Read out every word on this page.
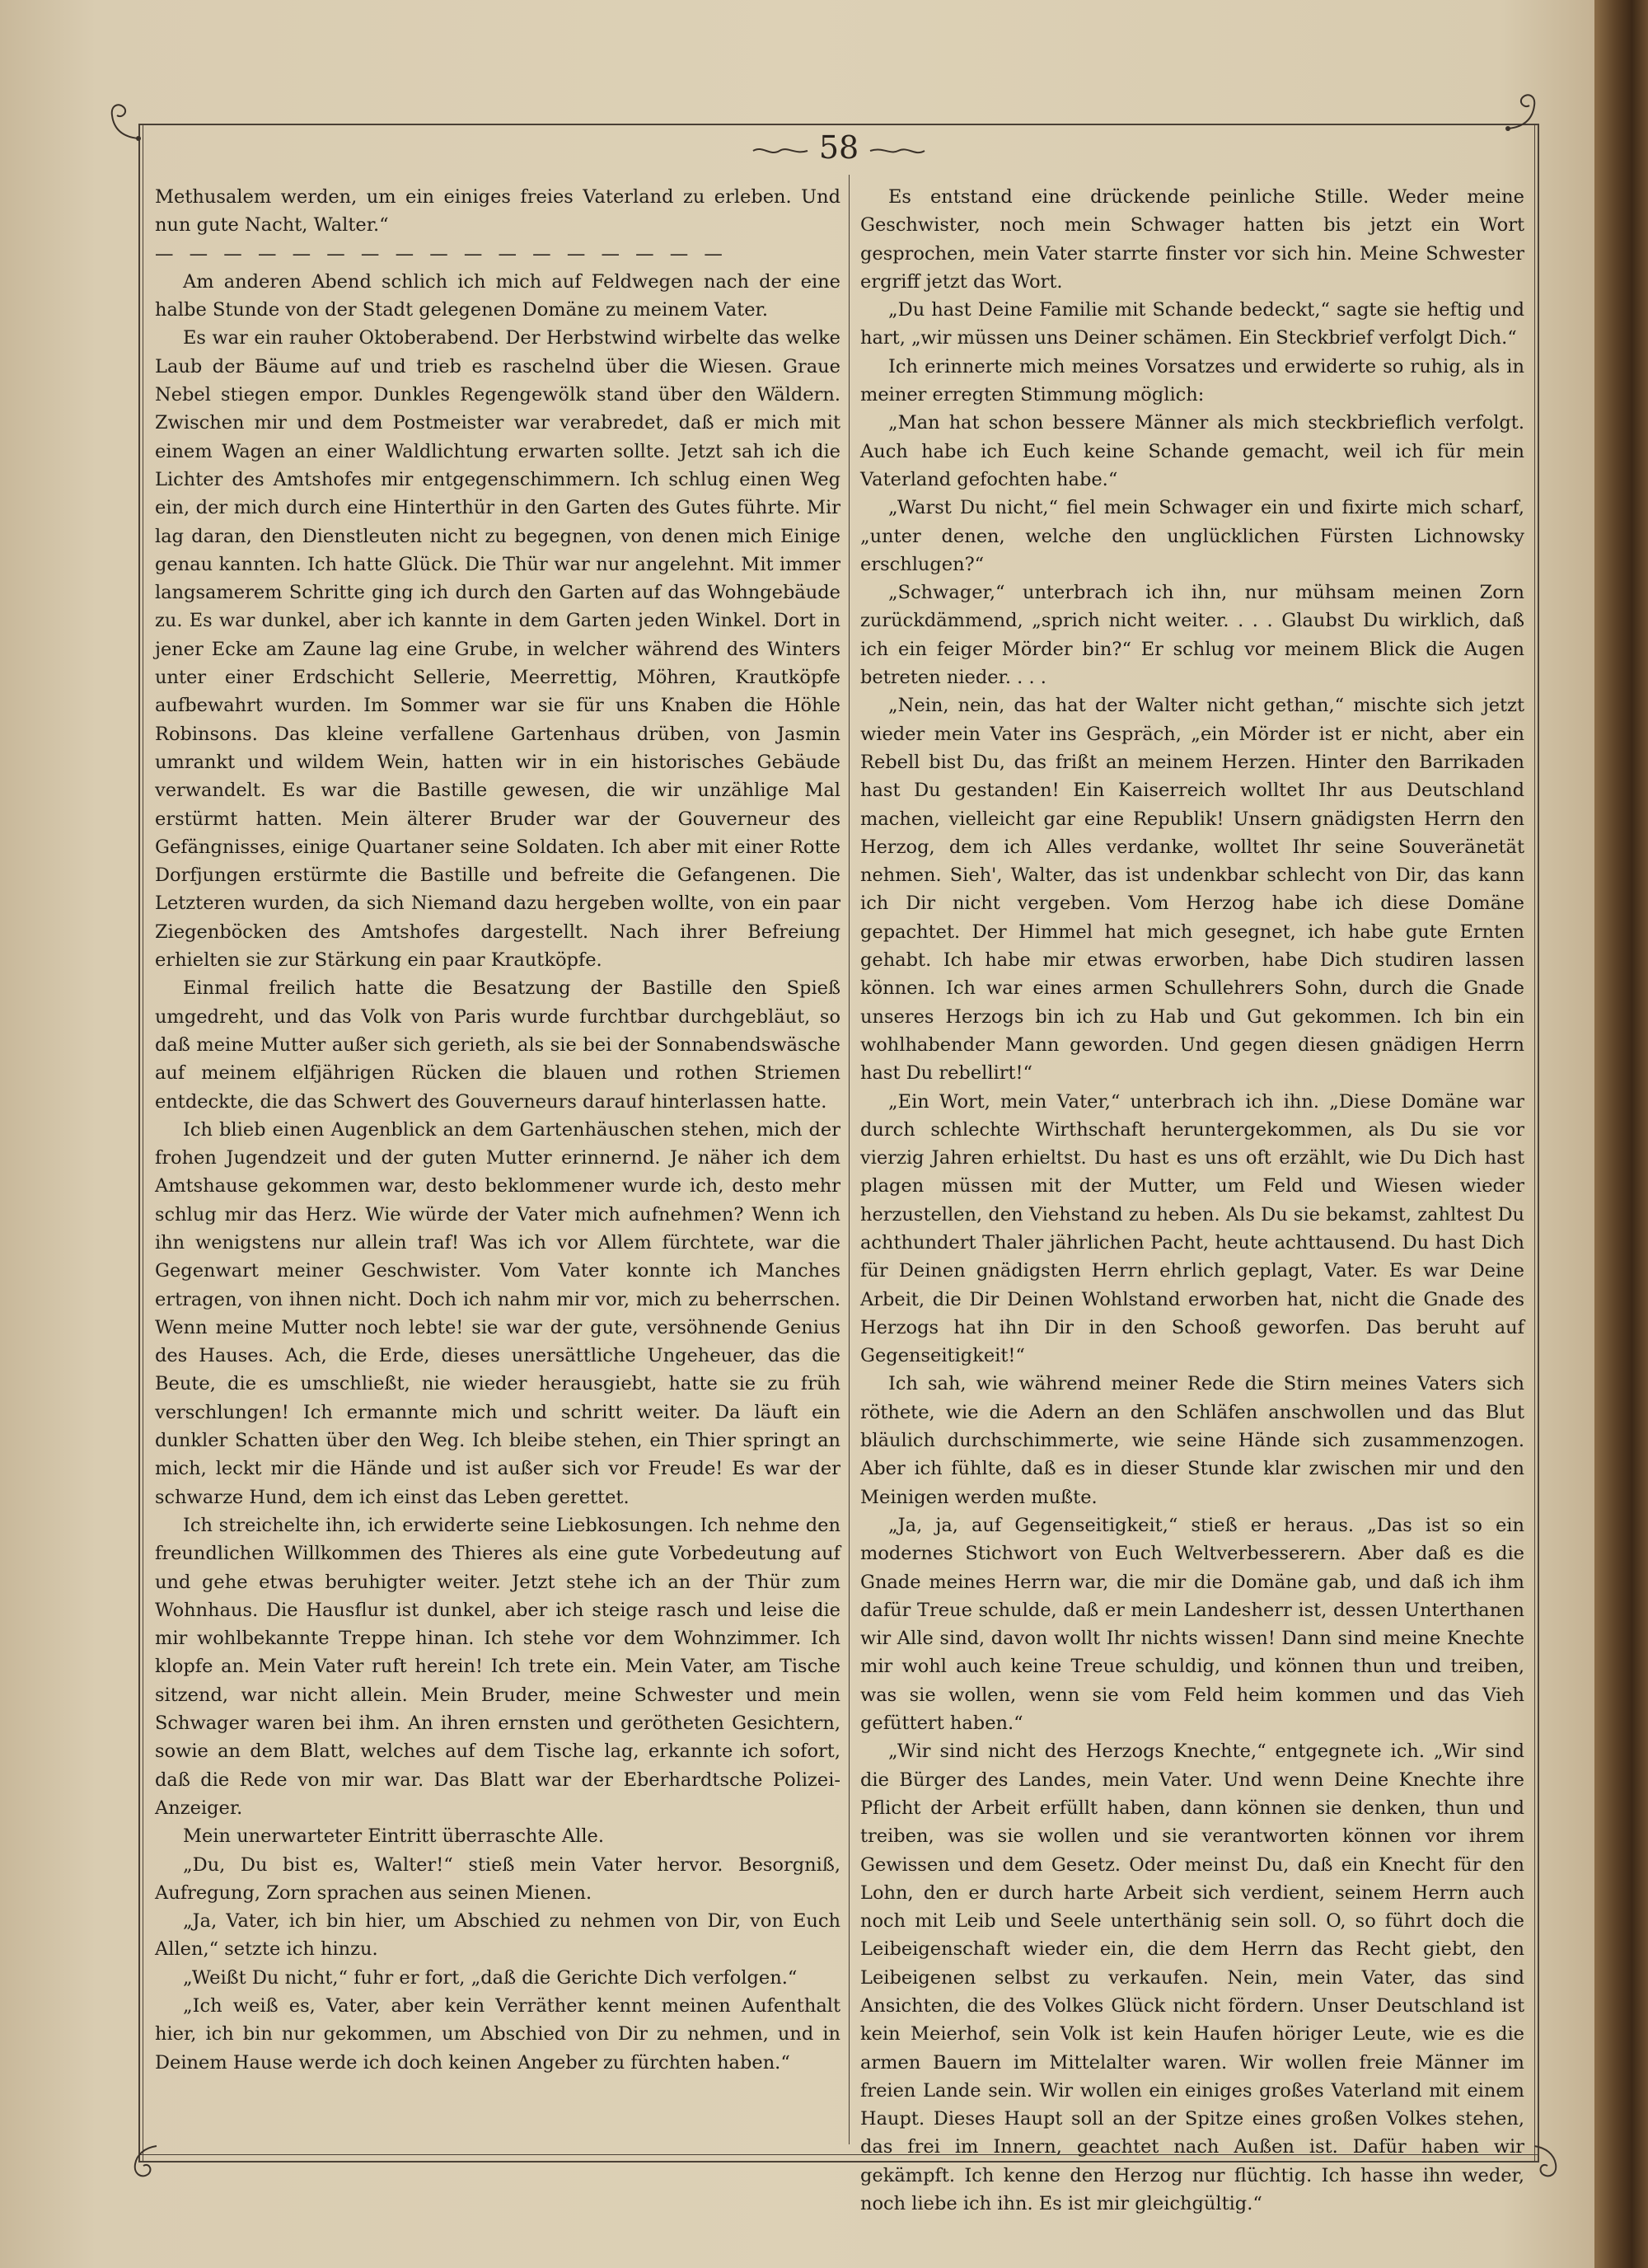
58

Methusalem werden, um ein einiges freies Vaterland zu erleben. Und nun gute Nacht, Walter.“

— — — — — — — — — — — — — — — — —

Am anderen Abend schlich ich mich auf Feldwegen nach der eine halbe Stunde von der Stadt gelegenen Domäne zu meinem Vater.

Es war ein rauher Oktoberabend. Der Herbstwind wirbelte das welke Laub der Bäume auf und trieb es raschelnd über die Wiesen. Graue Nebel stiegen empor. Dunkles Regengewölk stand über den Wäldern. Zwischen mir und dem Postmeister war verabredet, daß er mich mit einem Wagen an einer Waldlichtung erwarten sollte. Jetzt sah ich die Lichter des Amtshofes mir entgegenschimmern. Ich schlug einen Weg ein, der mich durch eine Hinterthür in den Garten des Gutes führte. Mir lag daran, den Dienstleuten nicht zu begegnen, von denen mich Einige genau kannten. Ich hatte Glück. Die Thür war nur angelehnt. Mit immer langsamerem Schritte ging ich durch den Garten auf das Wohngebäude zu. Es war dunkel, aber ich kannte in dem Garten jeden Winkel. Dort in jener Ecke am Zaune lag eine Grube, in welcher während des Winters unter einer Erdschicht Sellerie, Meerrettig, Möhren, Krautköpfe aufbewahrt wurden. Im Sommer war sie für uns Knaben die Höhle Robinsons. Das kleine verfallene Gartenhaus drüben, von Jasmin umrankt und wildem Wein, hatten wir in ein historisches Gebäude verwandelt. Es war die Bastille gewesen, die wir unzählige Mal erstürmt hatten. Mein älterer Bruder war der Gouverneur des Gefängnisses, einige Quartaner seine Soldaten. Ich aber mit einer Rotte Dorfjungen erstürmte die Bastille und befreite die Gefangenen. Die Letzteren wurden, da sich Niemand dazu hergeben wollte, von ein paar Ziegenböcken des Amtshofes dargestellt. Nach ihrer Befreiung erhielten sie zur Stärkung ein paar Krautköpfe.

Einmal freilich hatte die Besatzung der Bastille den Spieß umgedreht, und das Volk von Paris wurde furchtbar durchgebläut, so daß meine Mutter außer sich gerieth, als sie bei der Sonnabendswäsche auf meinem elfjährigen Rücken die blauen und rothen Striemen entdeckte, die das Schwert des Gouverneurs darauf hinterlassen hatte.

Ich blieb einen Augenblick an dem Gartenhäuschen stehen, mich der frohen Jugendzeit und der guten Mutter erinnernd. Je näher ich dem Amtshause gekommen war, desto beklommener wurde ich, desto mehr schlug mir das Herz. Wie würde der Vater mich aufnehmen? Wenn ich ihn wenigstens nur allein traf! Was ich vor Allem fürchtete, war die Gegenwart meiner Geschwister. Vom Vater konnte ich Manches ertragen, von ihnen nicht. Doch ich nahm mir vor, mich zu beherrschen. Wenn meine Mutter noch lebte! sie war der gute, versöhnende Genius des Hauses. Ach, die Erde, dieses unersättliche Ungeheuer, das die Beute, die es umschließt, nie wieder herausgiebt, hatte sie zu früh verschlungen! Ich ermannte mich und schritt weiter. Da läuft ein dunkler Schatten über den Weg. Ich bleibe stehen, ein Thier springt an mich, leckt mir die Hände und ist außer sich vor Freude! Es war der schwarze Hund, dem ich einst das Leben gerettet.

Ich streichelte ihn, ich erwiderte seine Liebkosungen. Ich nehme den freundlichen Willkommen des Thieres als eine gute Vorbedeutung auf und gehe etwas beruhigter weiter. Jetzt stehe ich an der Thür zum Wohnhaus. Die Hausflur ist dunkel, aber ich steige rasch und leise die mir wohlbekannte Treppe hinan. Ich stehe vor dem Wohnzimmer. Ich klopfe an. Mein Vater ruft herein! Ich trete ein. Mein Vater, am Tische sitzend, war nicht allein. Mein Bruder, meine Schwester und mein Schwager waren bei ihm. An ihren ernsten und gerötheten Gesichtern, sowie an dem Blatt, welches auf dem Tische lag, erkannte ich sofort, daß die Rede von mir war. Das Blatt war der Eberhardtsche Polizei-Anzeiger.

Mein unerwarteter Eintritt überraschte Alle.

„Du, Du bist es, Walter!“ stieß mein Vater hervor. Besorgniß, Aufregung, Zorn sprachen aus seinen Mienen.

„Ja, Vater, ich bin hier, um Abschied zu nehmen von Dir, von Euch Allen,“ setzte ich hinzu.

„Weißt Du nicht,“ fuhr er fort, „daß die Gerichte Dich verfolgen.“

„Ich weiß es, Vater, aber kein Verräther kennt meinen Aufenthalt hier, ich bin nur gekommen, um Abschied von Dir zu nehmen, und in Deinem Hause werde ich doch keinen Angeber zu fürchten haben.“

Es entstand eine drückende peinliche Stille. Weder meine Geschwister, noch mein Schwager hatten bis jetzt ein Wort gesprochen, mein Vater starrte finster vor sich hin. Meine Schwester ergriff jetzt das Wort.

„Du hast Deine Familie mit Schande bedeckt,“ sagte sie heftig und hart, „wir müssen uns Deiner schämen. Ein Steckbrief verfolgt Dich.“

Ich erinnerte mich meines Vorsatzes und erwiderte so ruhig, als in meiner erregten Stimmung möglich:

„Man hat schon bessere Männer als mich steckbrieflich verfolgt. Auch habe ich Euch keine Schande gemacht, weil ich für mein Vaterland gefochten habe.“

„Warst Du nicht,“ fiel mein Schwager ein und fixirte mich scharf, „unter denen, welche den unglücklichen Fürsten Lichnowsky erschlugen?“

„Schwager,“ unterbrach ich ihn, nur mühsam meinen Zorn zurückdämmend, „sprich nicht weiter. . . . Glaubst Du wirklich, daß ich ein feiger Mörder bin?“ Er schlug vor meinem Blick die Augen betreten nieder. . . .

„Nein, nein, das hat der Walter nicht gethan,“ mischte sich jetzt wieder mein Vater ins Gespräch, „ein Mörder ist er nicht, aber ein Rebell bist Du, das frißt an meinem Herzen. Hinter den Barrikaden hast Du gestanden! Ein Kaiserreich wolltet Ihr aus Deutschland machen, vielleicht gar eine Republik! Unsern gnädigsten Herrn den Herzog, dem ich Alles verdanke, wolltet Ihr seine Souveränetät nehmen. Sieh', Walter, das ist undenkbar schlecht von Dir, das kann ich Dir nicht vergeben. Vom Herzog habe ich diese Domäne gepachtet. Der Himmel hat mich gesegnet, ich habe gute Ernten gehabt. Ich habe mir etwas erworben, habe Dich studiren lassen können. Ich war eines armen Schullehrers Sohn, durch die Gnade unseres Herzogs bin ich zu Hab und Gut gekommen. Ich bin ein wohlhabender Mann geworden. Und gegen diesen gnädigen Herrn hast Du rebellirt!“

„Ein Wort, mein Vater,“ unterbrach ich ihn. „Diese Domäne war durch schlechte Wirthschaft heruntergekommen, als Du sie vor vierzig Jahren erhieltst. Du hast es uns oft erzählt, wie Du Dich hast plagen müssen mit der Mutter, um Feld und Wiesen wieder herzustellen, den Viehstand zu heben. Als Du sie bekamst, zahltest Du achthundert Thaler jährlichen Pacht, heute achttausend. Du hast Dich für Deinen gnädigsten Herrn ehrlich geplagt, Vater. Es war Deine Arbeit, die Dir Deinen Wohlstand erworben hat, nicht die Gnade des Herzogs hat ihn Dir in den Schooß geworfen. Das beruht auf Gegenseitigkeit!“

Ich sah, wie während meiner Rede die Stirn meines Vaters sich röthete, wie die Adern an den Schläfen anschwollen und das Blut bläulich durchschimmerte, wie seine Hände sich zusammenzogen. Aber ich fühlte, daß es in dieser Stunde klar zwischen mir und den Meinigen werden mußte.

„Ja, ja, auf Gegenseitigkeit,“ stieß er heraus. „Das ist so ein modernes Stichwort von Euch Weltverbesserern. Aber daß es die Gnade meines Herrn war, die mir die Domäne gab, und daß ich ihm dafür Treue schulde, daß er mein Landesherr ist, dessen Unterthanen wir Alle sind, davon wollt Ihr nichts wissen! Dann sind meine Knechte mir wohl auch keine Treue schuldig, und können thun und treiben, was sie wollen, wenn sie vom Feld heim kommen und das Vieh gefüttert haben.“

„Wir sind nicht des Herzogs Knechte,“ entgegnete ich. „Wir sind die Bürger des Landes, mein Vater. Und wenn Deine Knechte ihre Pflicht der Arbeit erfüllt haben, dann können sie denken, thun und treiben, was sie wollen und sie verantworten können vor ihrem Gewissen und dem Gesetz. Oder meinst Du, daß ein Knecht für den Lohn, den er durch harte Arbeit sich verdient, seinem Herrn auch noch mit Leib und Seele unterthänig sein soll. O, so führt doch die Leibeigenschaft wieder ein, die dem Herrn das Recht giebt, den Leibeigenen selbst zu verkaufen. Nein, mein Vater, das sind Ansichten, die des Volkes Glück nicht fördern. Unser Deutschland ist kein Meierhof, sein Volk ist kein Haufen höriger Leute, wie es die armen Bauern im Mittelalter waren. Wir wollen freie Männer im freien Lande sein. Wir wollen ein einiges großes Vaterland mit einem Haupt. Dieses Haupt soll an der Spitze eines großen Volkes stehen, das frei im Innern, geachtet nach Außen ist. Dafür haben wir gekämpft. Ich kenne den Herzog nur flüchtig. Ich hasse ihn weder, noch liebe ich ihn. Es ist mir gleichgültig.“
